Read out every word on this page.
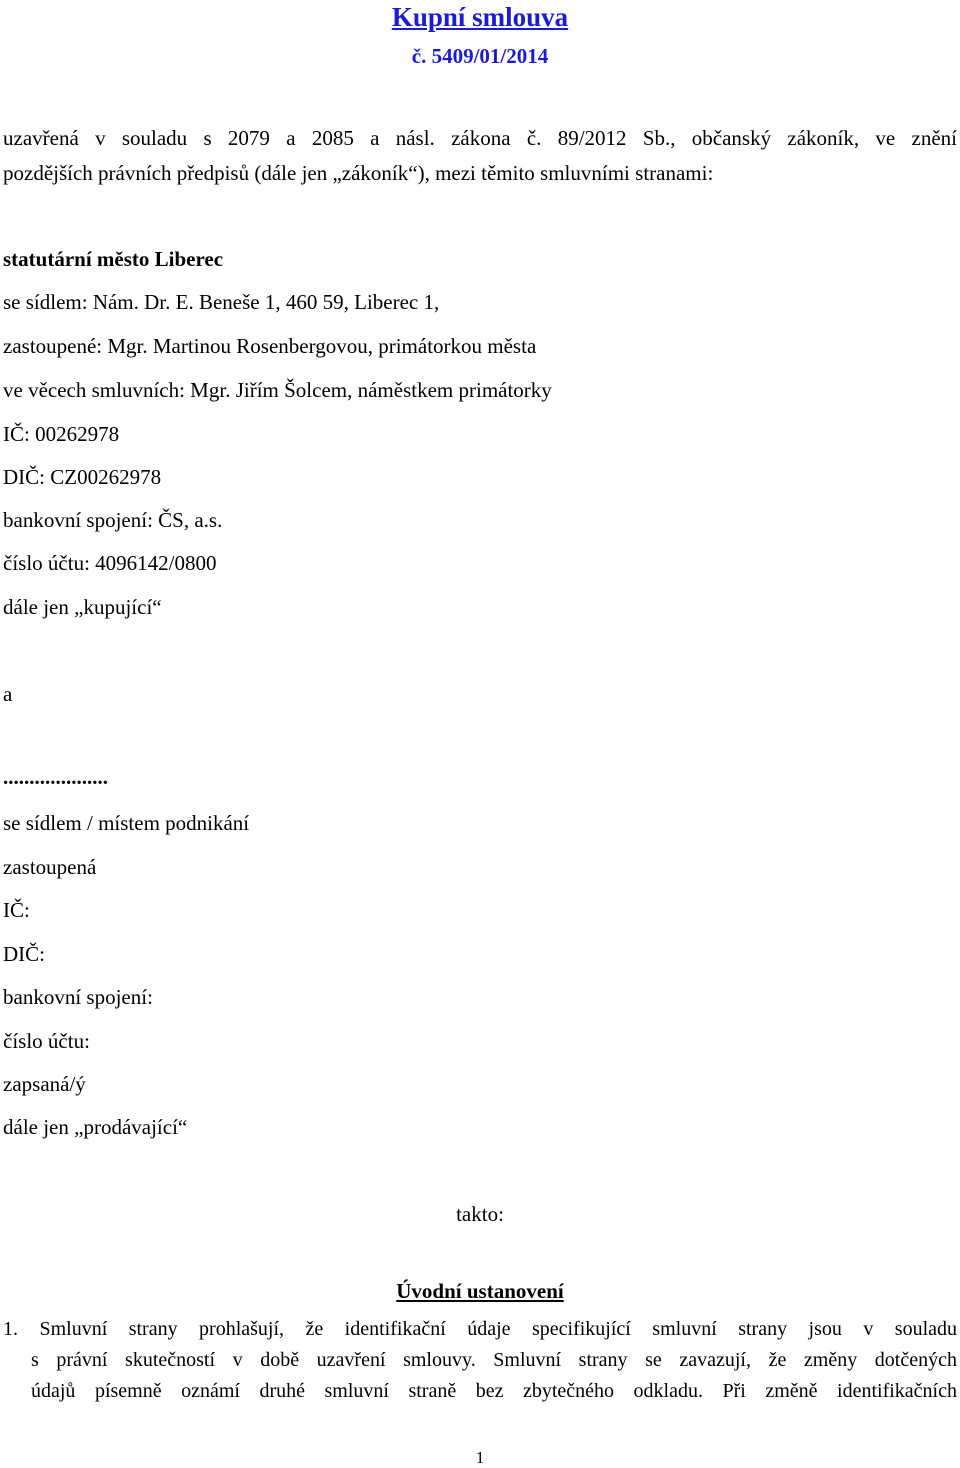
Kupní smlouva
č. 5409/01/2014
uzavřená v souladu s 2079 a 2085 a násl. zákona č. 89/2012 Sb., občanský zákoník, ve znění
pozdějších právních předpisů (dále jen „zákoník“), mezi těmito smluvními stranami:
statutární město Liberec
se sídlem: Nám. Dr. E. Beneše 1, 460 59, Liberec 1,
zastoupené: Mgr. Martinou Rosenbergovou, primátorkou města
ve věcech smluvních: Mgr. Jiřím Šolcem, náměstkem primátorky
IČ: 00262978
DIČ: CZ00262978
bankovní spojení: ČS, a.s.
číslo účtu: 4096142/0800
dále jen „kupující“
a
....................
se sídlem / místem podnikání
zastoupená
IČ:
DIČ:
bankovní spojení:
číslo účtu:
zapsaná/ý
dále jen „prodávající“
takto:
Úvodní ustanovení
1. Smluvní strany prohlašují, že identifikační údaje specifikující smluvní strany jsou v souladu
s právní skutečností v době uzavření smlouvy. Smluvní strany se zavazují, že změny dotčených
údajů písemně oznámí druhé smluvní straně bez zbytečného odkladu. Při změně identifikačních
1
